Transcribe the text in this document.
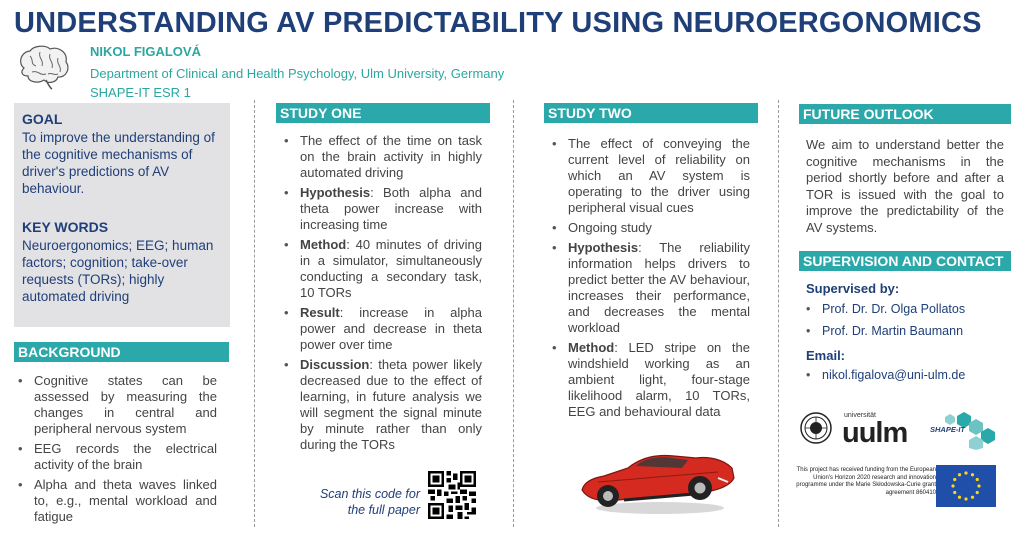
UNDERSTANDING AV PREDICTABILITY USING NEUROERGONOMICS
NIKOL FIGALOVÁ
Department of Clinical and Health Psychology, Ulm University, Germany
SHAPE-IT ESR 1
GOAL

To improve the understanding of the cognitive mechanisms of driver's predictions of AV behaviour.

KEY WORDS

Neuroergonomics; EEG; human factors; cognition; take-over requests (TORs); highly automated driving

BACKGROUND
• Cognitive states can be assessed by measuring the changes in central and peripheral nervous system
• EEG records the electrical activity of the brain
• Alpha and theta waves linked to, e.g., mental workload and fatigue
STUDY ONE
• The effect of the time on task on the brain activity in highly automated driving
• Hypothesis: Both alpha and theta power increase with increasing time
• Method: 40 minutes of driving in a simulator, simultaneously conducting a secondary task, 10 TORs
• Result: increase in alpha power and decrease in theta power over time
• Discussion: theta power likely decreased due to the effect of learning, in future analysis we will segment the signal minute by minute rather than only during the TORs
Scan this code for
the full paper
STUDY TWO
• The effect of conveying the current level of reliability on which an AV system is operating to the driver using peripheral visual cues
• Ongoing study
• Hypothesis: The reliability information helps drivers to predict better the AV behaviour, increases their performance, and decreases the mental workload
• Method: LED stripe on the windshield working as an ambient light, four-stage likelihood alarm, 10 TORs, EEG and behavioural data
FUTURE OUTLOOK
We aim to understand better the cognitive mechanisms in the period shortly before and after a TOR is issued with the goal to improve the predictability of the AV systems.
SUPERVISION AND CONTACT
Supervised by:
• Prof. Dr. Dr. Olga Pollatos
• Prof. Dr. Martin Baumann
Email:
• nikol.figalova@uni-ulm.de
universität
uulm	SHAPE-IT
This project has received funding from the European Union's Horizon 2020 research and innovation programme under the Marie Skłodowska-Curie grant agreement 860410
